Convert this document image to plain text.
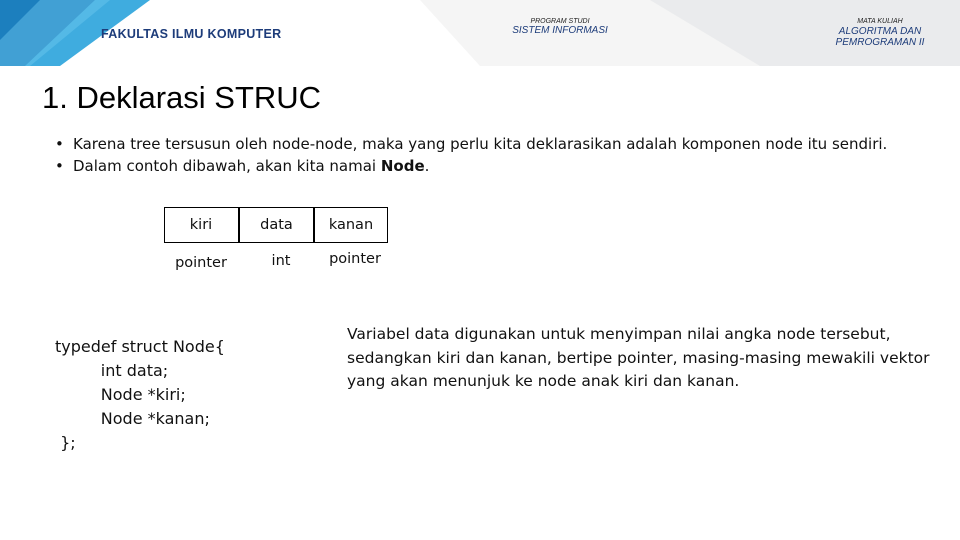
FAKULTAS ILMU KOMPUTER
PROGRAM STUDI
SISTEM INFORMASI
MATA KULIAH
ALGORITMA DAN
PEMROGRAMAN II
1. Deklarasi STRUC
• Karena tree tersusun oleh node-node, maka yang perlu kita deklarasikan adalah komponen node itu sendiri.
• Dalam contoh dibawah, akan kita namai Node.
kiri	data	kanan
pointer	int	pointer
typedef struct Node{
int data;
Node *kiri;
Node *kanan;
};
Variabel data digunakan untuk menyimpan nilai angka node tersebut, sedangkan kiri dan kanan, bertipe pointer, masing-masing mewakili vektor yang akan menunjuk ke node anak kiri dan kanan.
